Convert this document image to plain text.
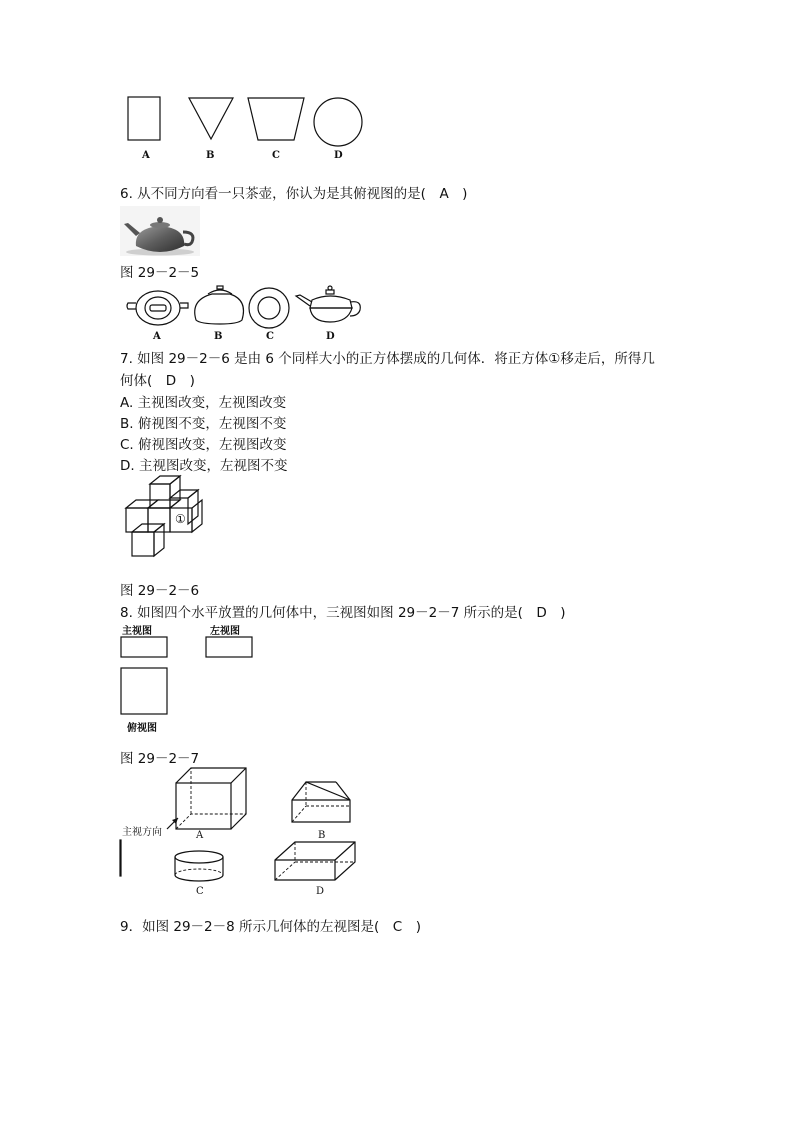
A	B	C	D
6. 从不同方向看一只茶壶，你认为是其俯视图的是(　A　)
图 29－2－5
A	B	C	D
7. 如图 29－2－6 是由 6 个同样大小的正方体摆成的几何体．将正方体①移走后，所得几
何体(　D　)
A. 主视图改变，左视图改变
B. 俯视图不变，左视图不变
C. 俯视图改变，左视图改变
D. 主视图改变，左视图不变
①
图 29－2－6
8. 如图四个水平放置的几何体中，三视图如图 29－2－7 所示的是(　D　)
主视图	左视图
俯视图
图 29－2－7
主视方向	A	B
C	D
9．如图 29－2－8 所示几何体的左视图是(　C　)
